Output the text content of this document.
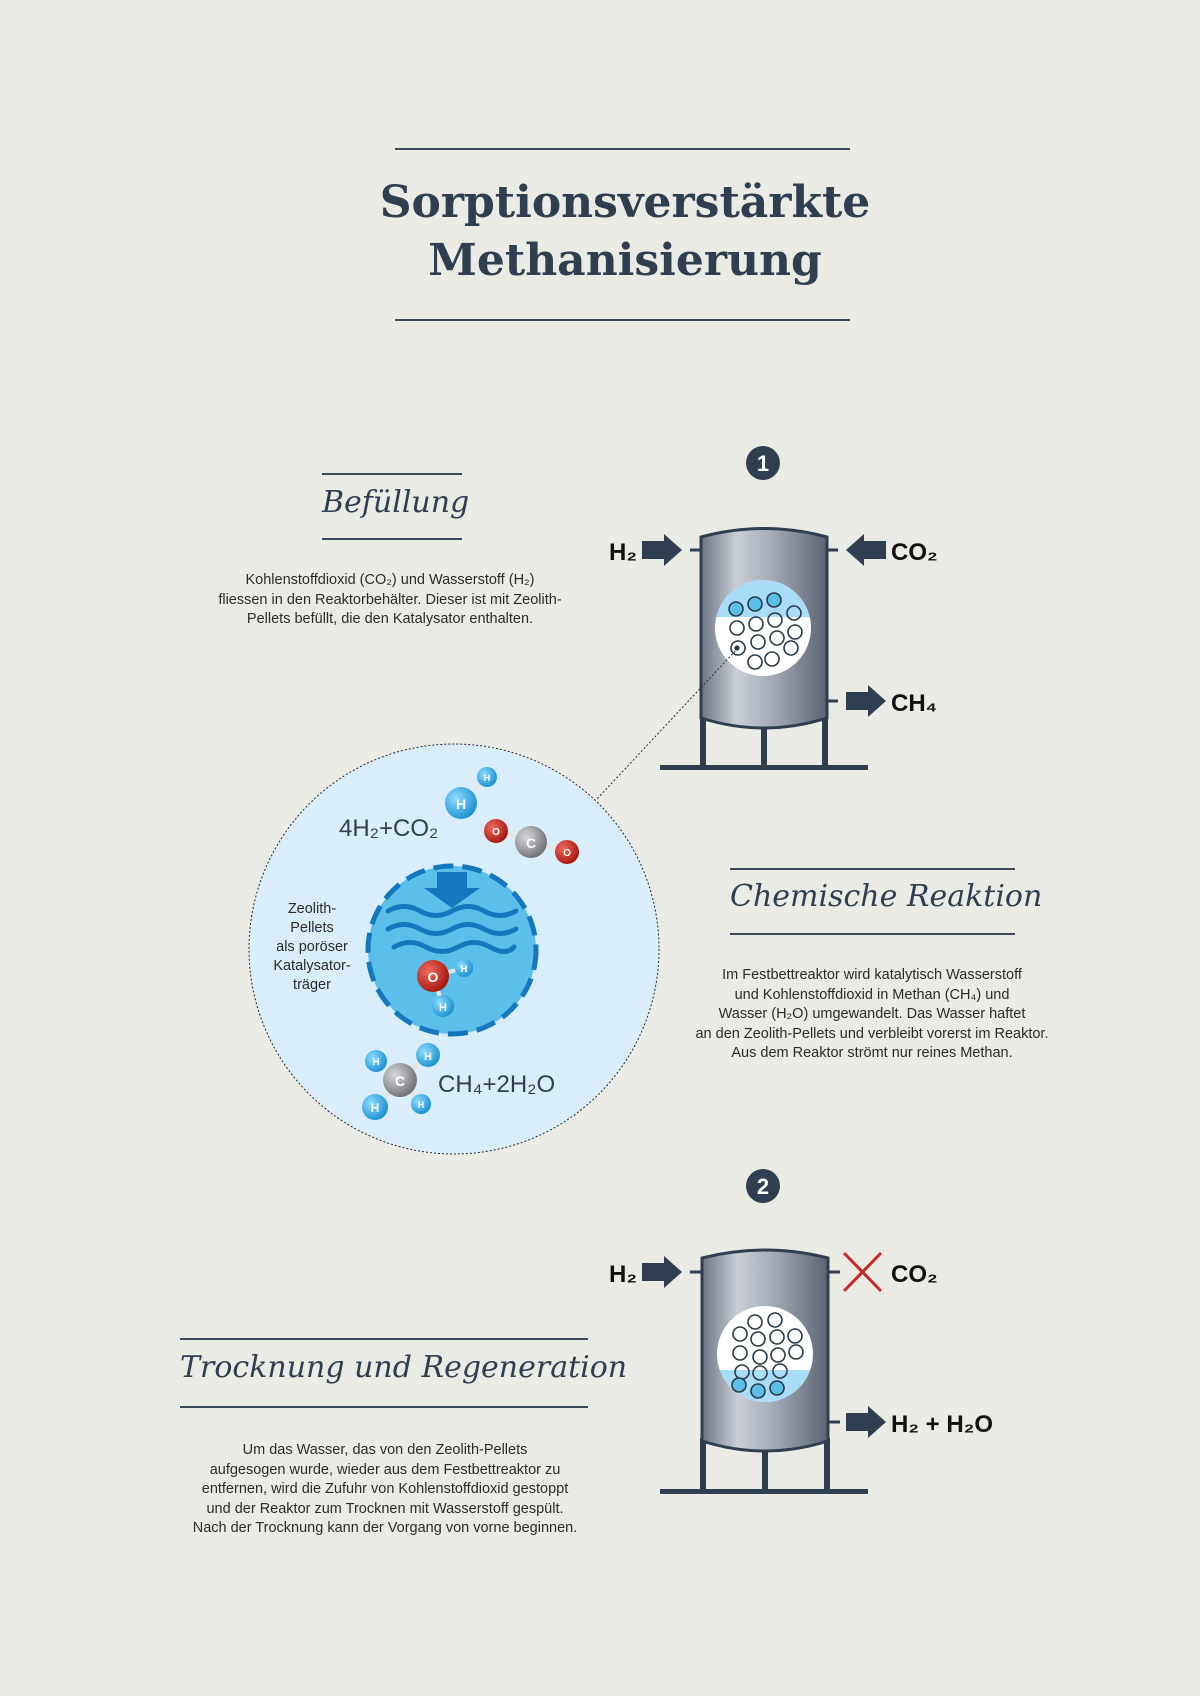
Sorptionsverstärkte
Methanisierung
Befüllung
Kohlenstoffdioxid (CO₂) und Wasserstoff (H₂)
fliessen in den Reaktorbehälter. Dieser ist mit Zeolith-
Pellets befüllt, die den Katalysator enthalten.
Chemische Reaktion
Im Festbettreaktor wird katalytisch Wasserstoff
und Kohlenstoffdioxid in Methan (CH₄) und
Wasser (H₂O) umgewandelt. Das Wasser haftet
an den Zeolith-Pellets und verbleibt vorerst im Reaktor.
Aus dem Reaktor strömt nur reines Methan.
Trocknung und Regeneration
Um das Wasser, das von den Zeolith-Pellets
aufgesogen wurde, wieder aus dem Festbettreaktor zu
entfernen, wird die Zufuhr von Kohlenstoffdioxid gestoppt
und der Reaktor zum Trocknen mit Wasserstoff gespült.
Nach der Trocknung kann der Vorgang von vorne beginnen.
1
H₂	CO₂
CH₄
O H
H
H
H
O
C
O
H	H
H
C
H
4H₂+CO₂
CH₄+2H₂O
2
H₂	CO₂
H₂ + H₂O
Zeolith-
Pellets
als poröser
Katalysator-
träger
